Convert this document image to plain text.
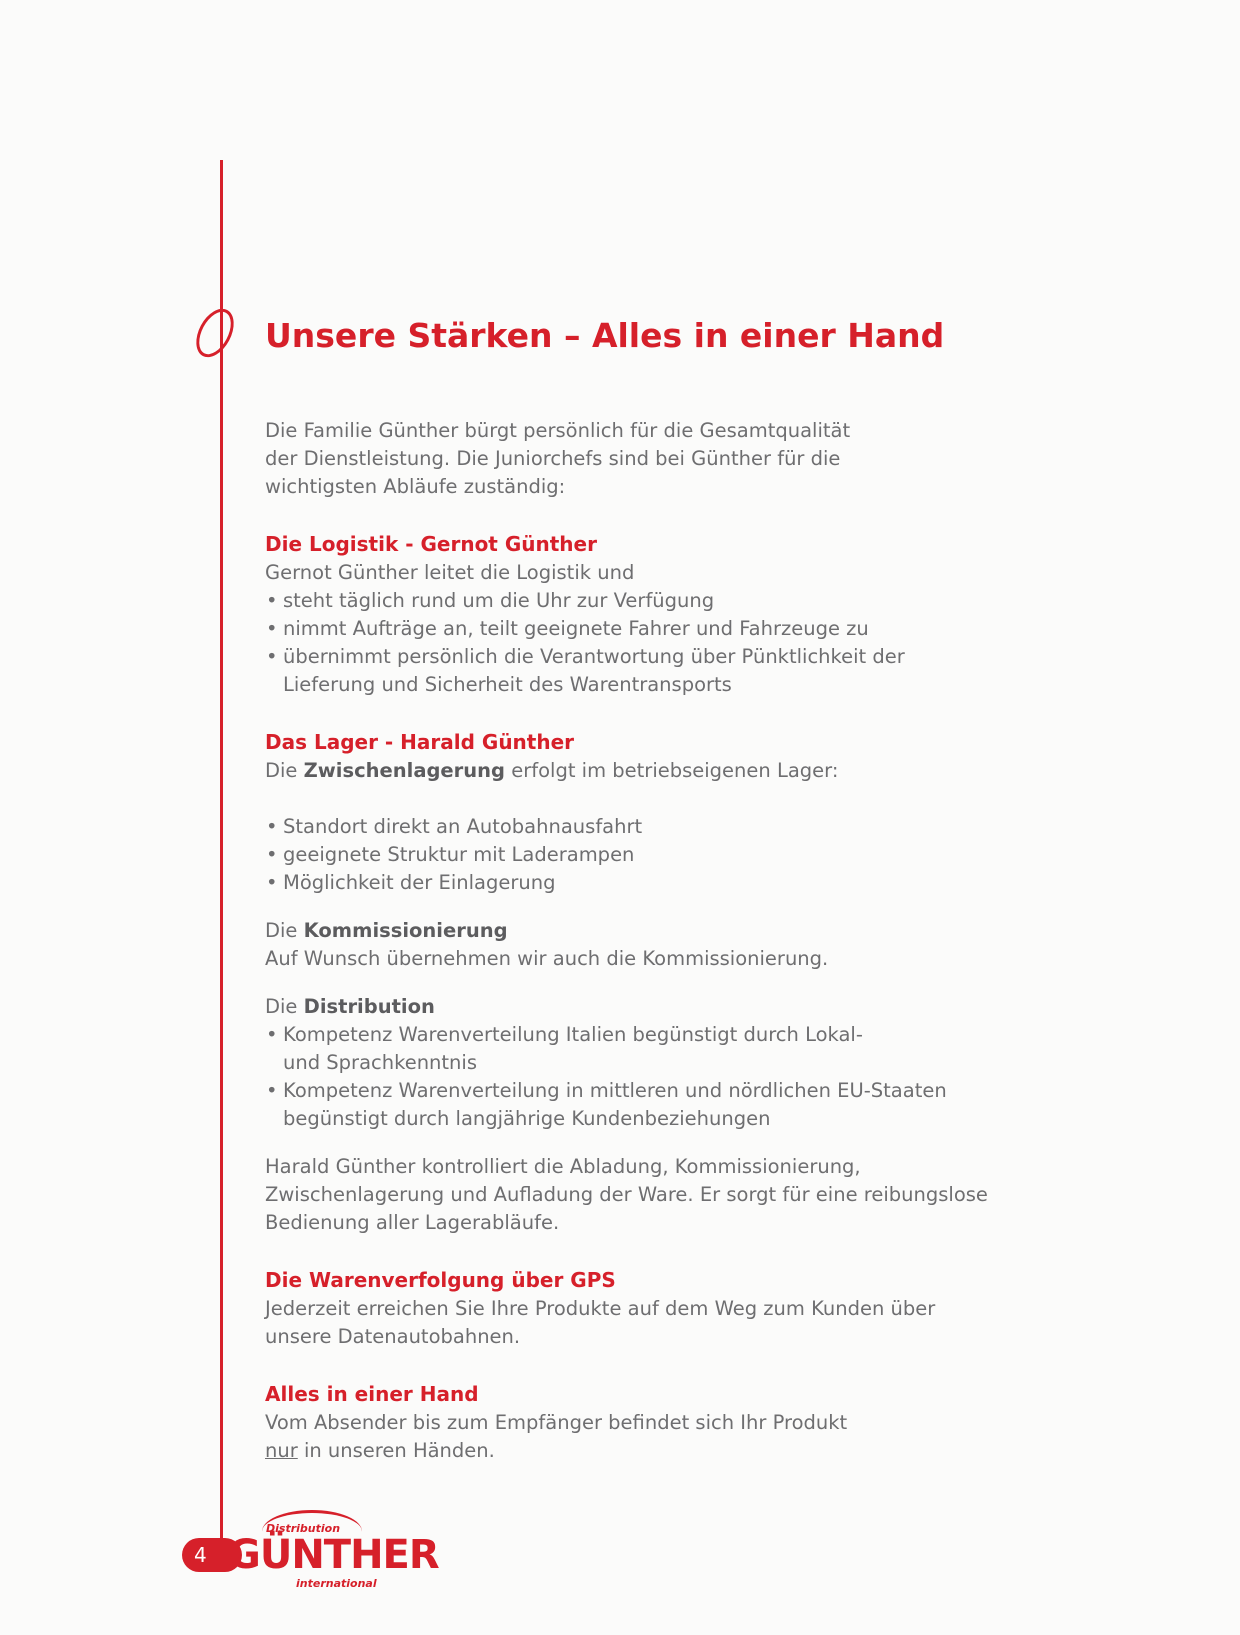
Unsere Stärken – Alles in einer Hand

Die Familie Günther bürgt persönlich für die Gesamtqualität

der Dienstleistung. Die Juniorchefs sind bei Günther für die

wichtigsten Abläufe zuständig:

Die Logistik - Gernot Günther

Gernot Günther leitet die Logistik und

• steht täglich rund um die Uhr zur Verfügung
• nimmt Aufträge an, teilt geeignete Fahrer und Fahrzeuge zu
• übernimmt persönlich die Verantwortung über Pünktlichkeit der

Lieferung und Sicherheit des Warentransports

Das Lager - Harald Günther

Die Zwischenlagerung erfolgt im betriebseigenen Lager:

• Standort direkt an Autobahnausfahrt
• geeignete Struktur mit Laderampen
• Möglichkeit der Einlagerung

Die Kommissionierung

Auf Wunsch übernehmen wir auch die Kommissionierung.

Die Distribution

• Kompetenz Warenverteilung Italien begünstigt durch Lokal-

und Sprachkenntnis

• Kompetenz Warenverteilung in mittleren und nördlichen EU-Staaten

begünstigt durch langjährige Kundenbeziehungen

Harald Günther kontrolliert die Abladung, Kommissionierung,

Zwischenlagerung und Aufladung der Ware. Er sorgt für eine reibungslose

Bedienung aller Lagerabläufe.

Die Warenverfolgung über GPS

Jederzeit erreichen Sie Ihre Produkte auf dem Weg zum Kunden über

unsere Datenautobahnen.

Alles in einer Hand

Vom Absender bis zum Empfänger befindet sich Ihr Produkt

nur in unseren Händen.

4
Distribution
GÜNTHER
international
